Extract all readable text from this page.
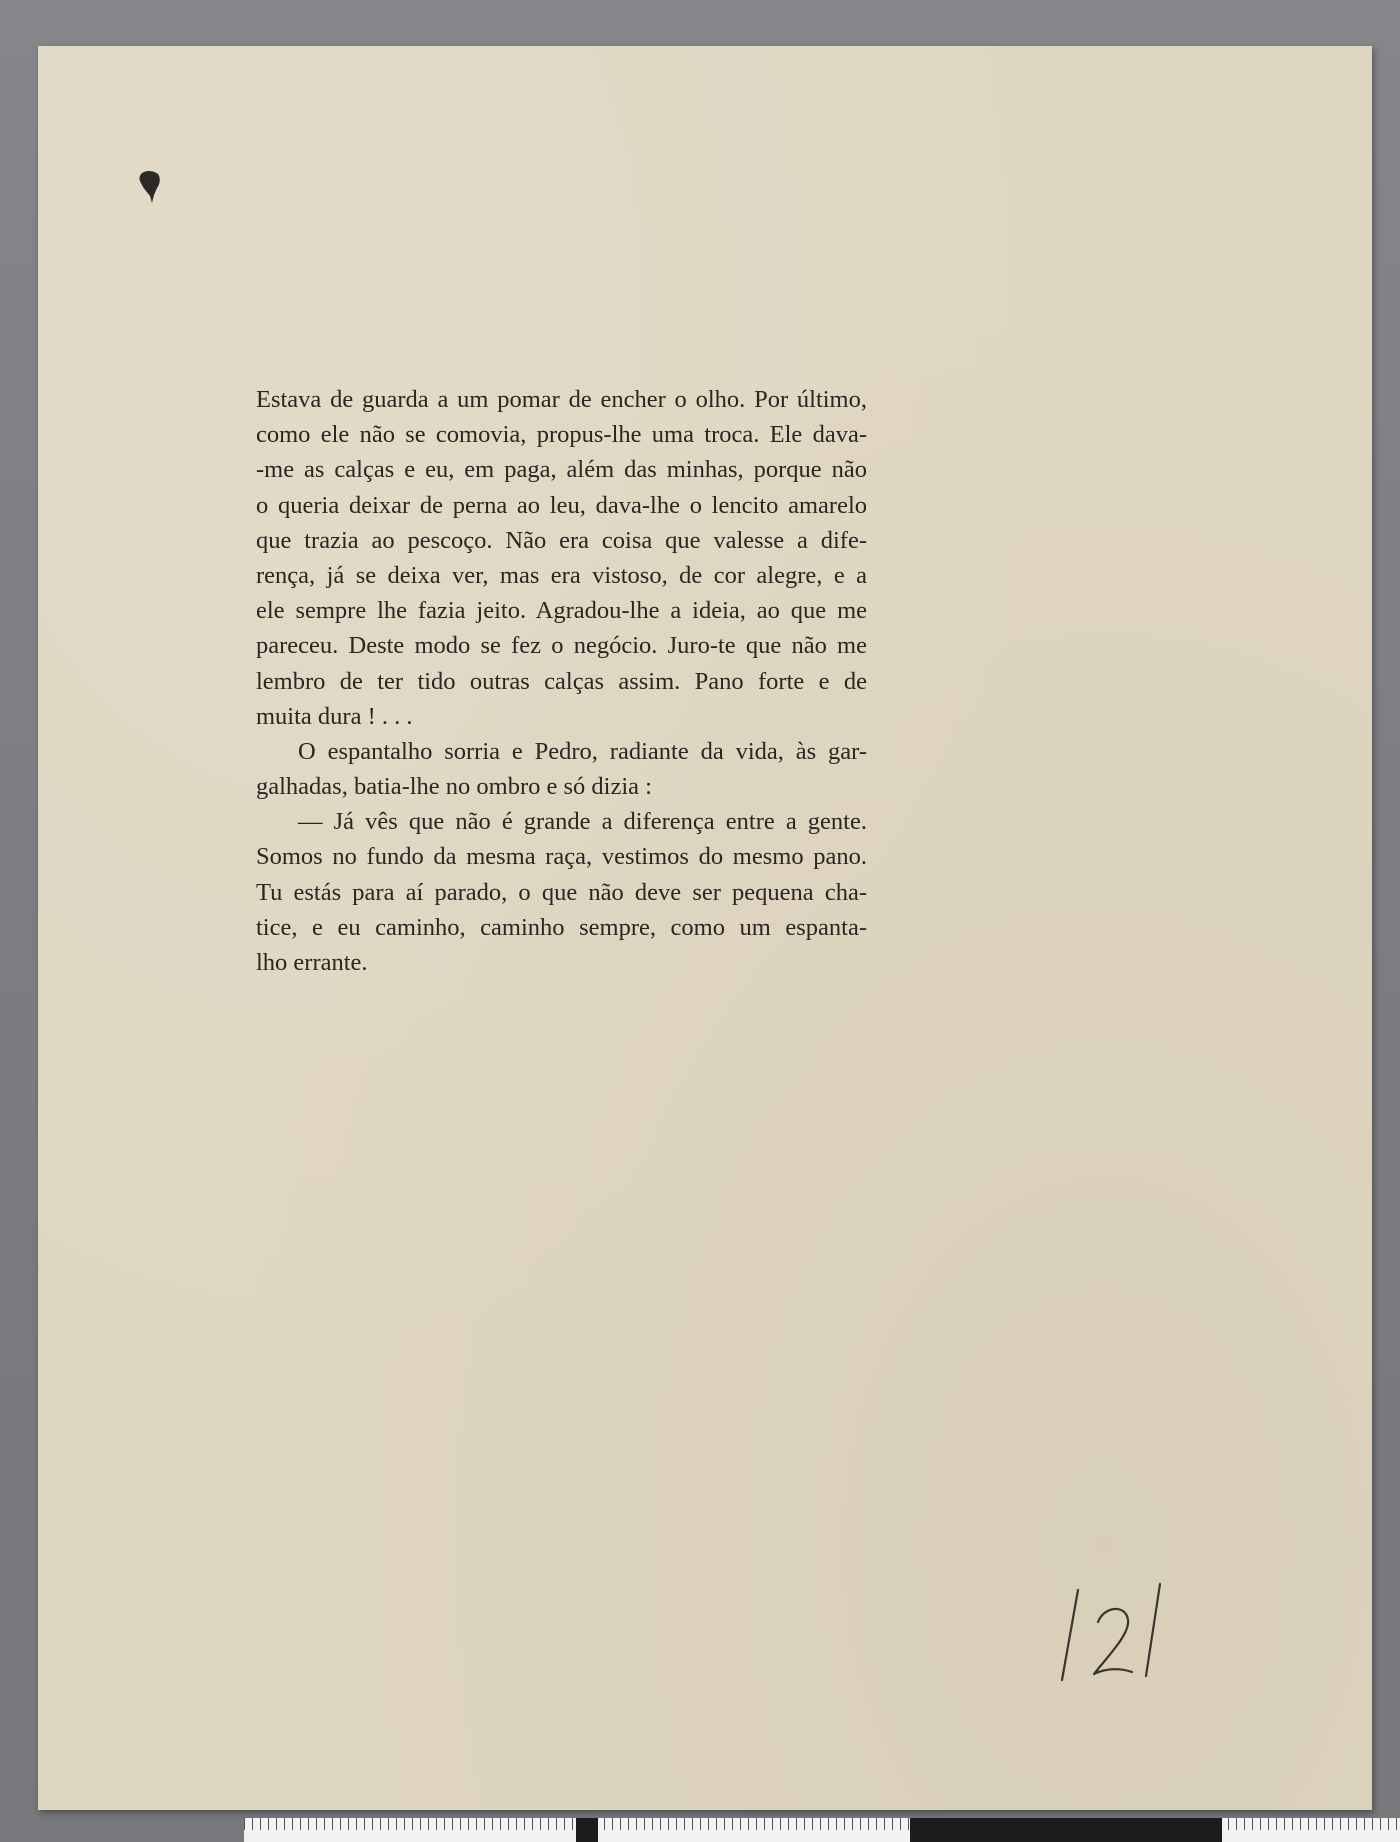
Estava de guarda a um pomar de encher o olho. Por último,
como ele não se comovia, propus-lhe uma troca. Ele dava-
-me as calças e eu, em paga, além das minhas, porque não
o queria deixar de perna ao leu, dava-lhe o lencito amarelo
que trazia ao pescoço. Não era coisa que valesse a dife-
rença, já se deixa ver, mas era vistoso, de cor alegre, e a
ele sempre lhe fazia jeito. Agradou-lhe a ideia, ao que me
pareceu. Deste modo se fez o negócio. Juro-te que não me
lembro de ter tido outras calças assim. Pano forte e de
muita dura ! . . .
O espantalho sorria e Pedro, radiante da vida, às gar-
galhadas, batia-lhe no ombro e só dizia :
— Já vês que não é grande a diferença entre a gente.
Somos no fundo da mesma raça, vestimos do mesmo pano.
Tu estás para aí parado, o que não deve ser pequena cha-
tice, e eu caminho, caminho sempre, como um espanta-
lho errante.
